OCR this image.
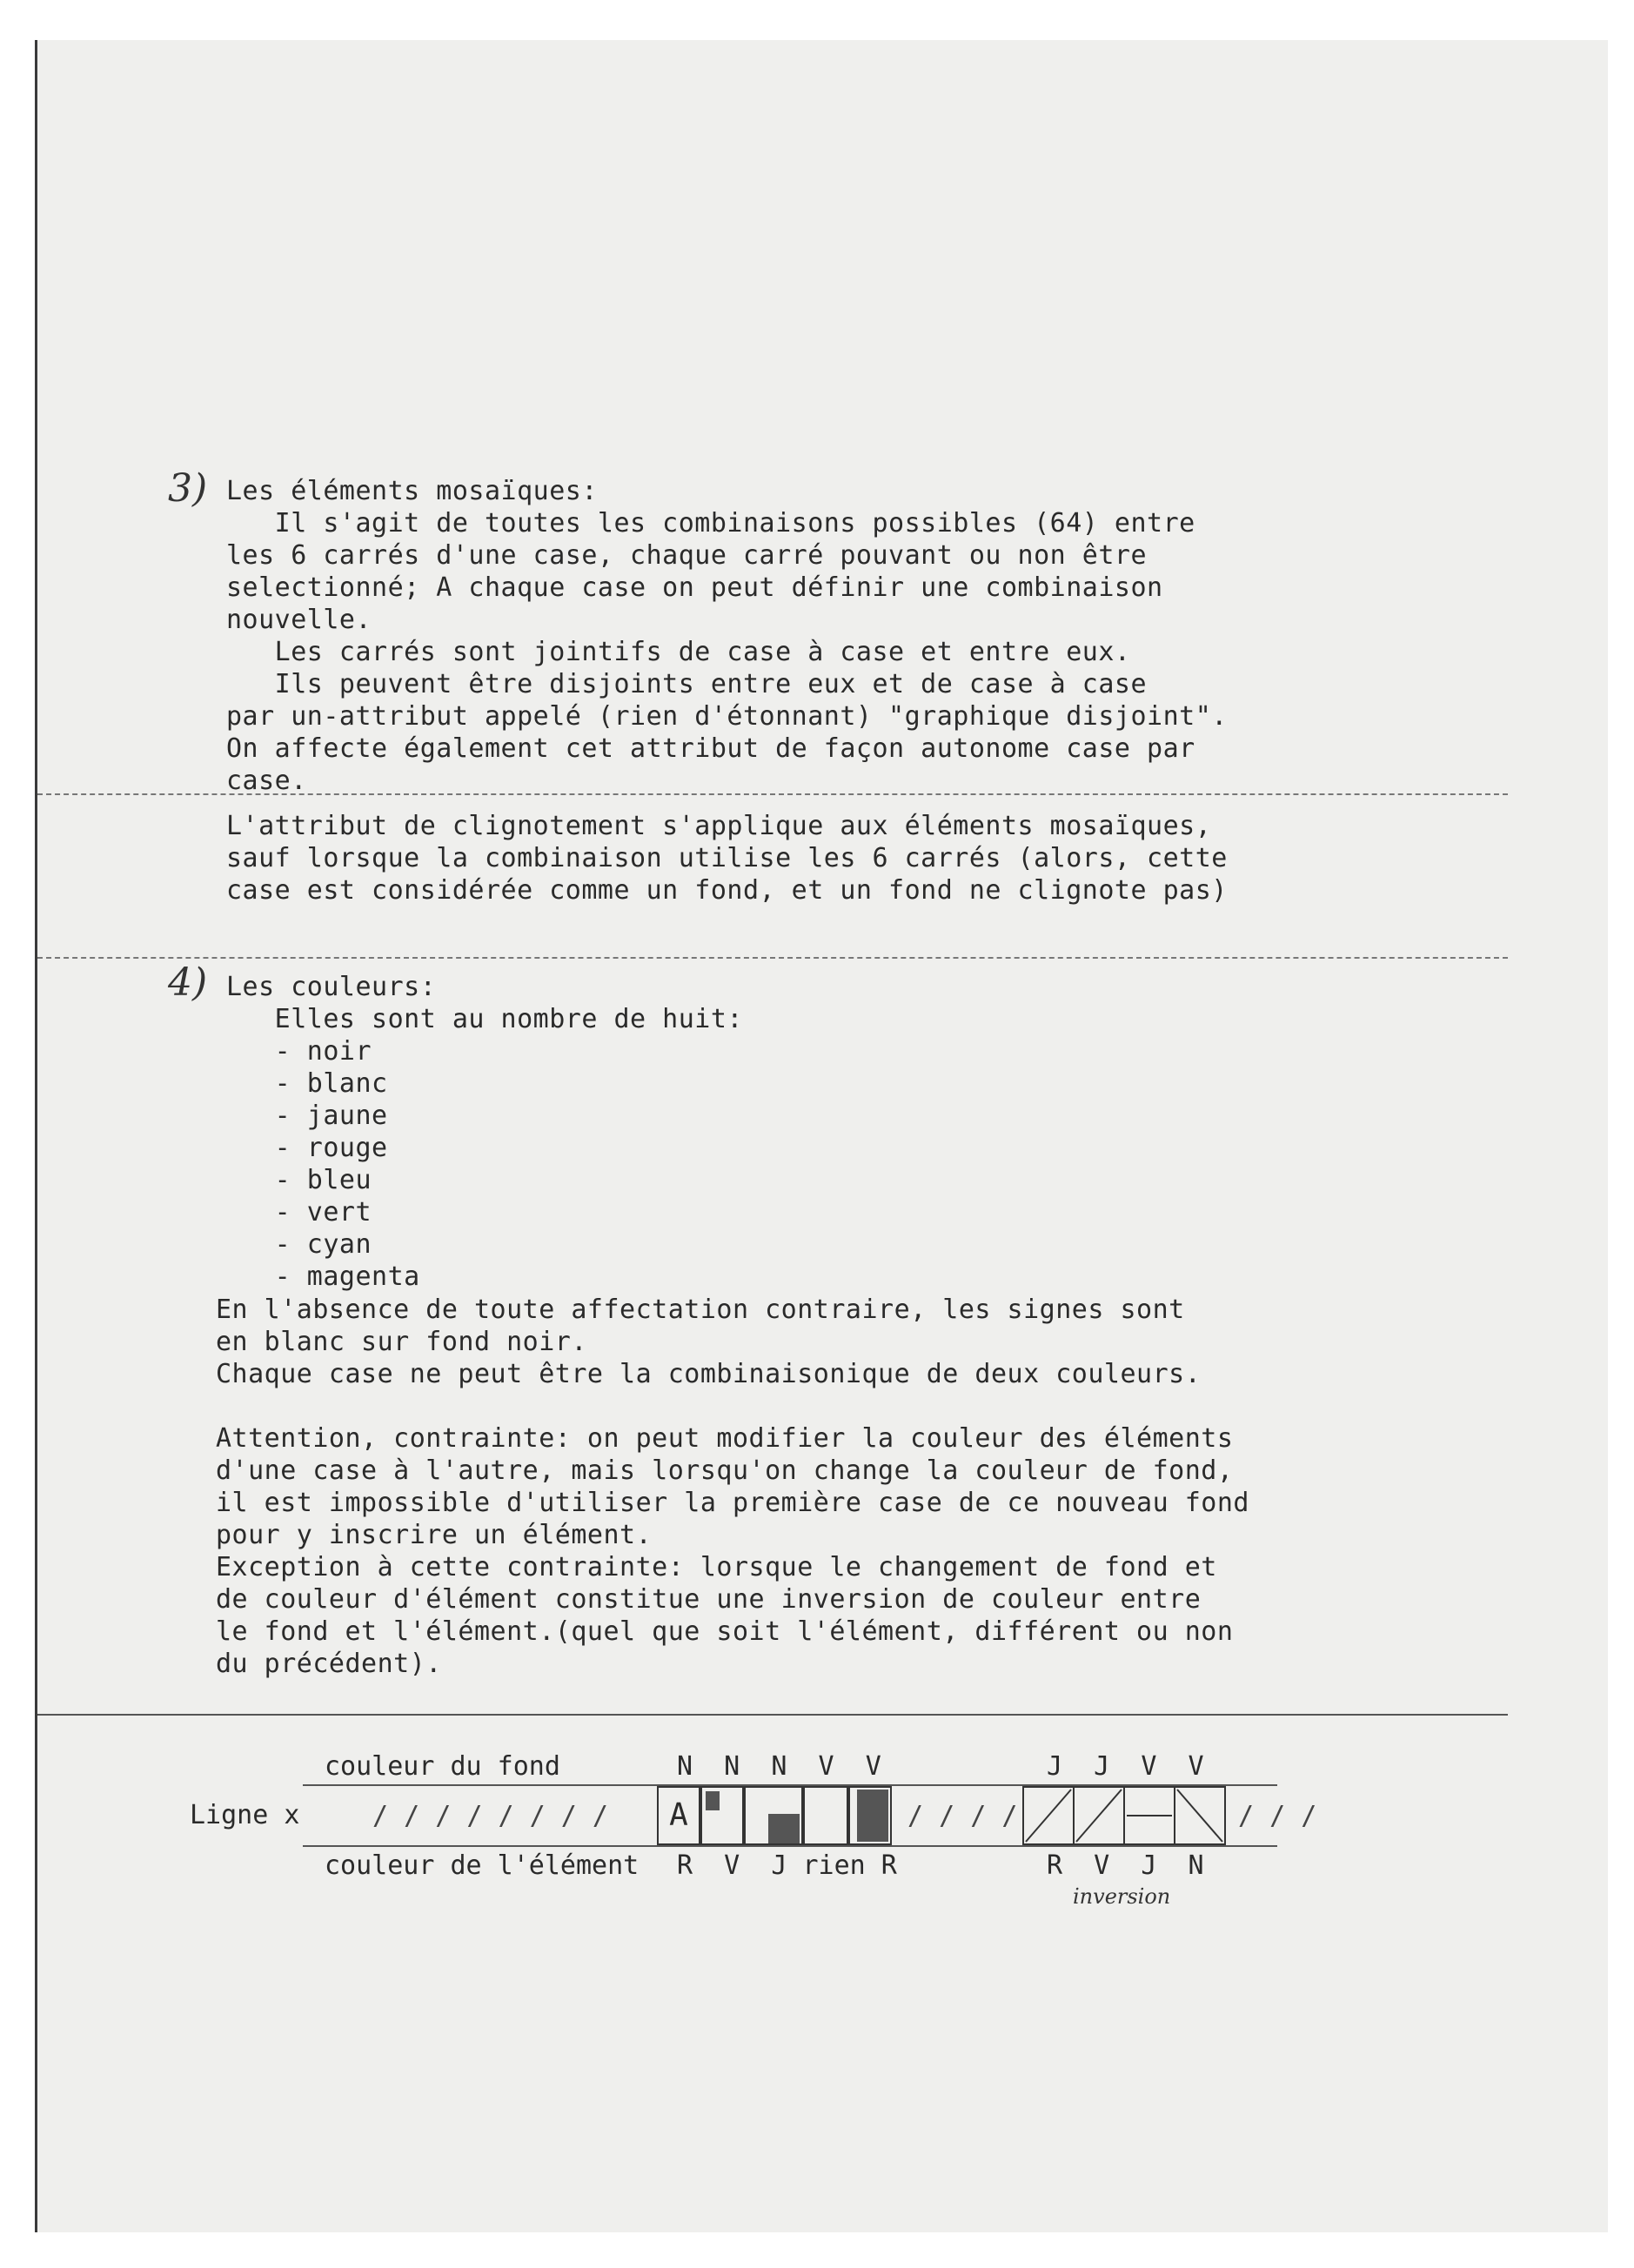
3) Les éléments mosaïques:
Il s'agit de toutes les combinaisons possibles (64) entre
les 6 carrés d'une case, chaque carré pouvant ou non être
selectionné; A chaque case on peut définir une combinaison
nouvelle.
Les carrés sont jointifs de case à case et entre eux.
Ils peuvent être disjoints entre eux et de case à case
par un-attribut appelé (rien d'étonnant) "graphique disjoint".
On affecte également cet attribut de façon autonome case par
case.
L'attribut de clignotement s'applique aux éléments mosaïques,
sauf lorsque la combinaison utilise les 6 carrés (alors, cette
case est considérée comme un fond, et un fond ne clignote pas)
4) Les couleurs:
Elles sont au nombre de huit:
- noir
- blanc
- jaune
- rouge
- bleu
- vert
- cyan
- magenta
En l'absence de toute affectation contraire, les signes sont
en blanc sur fond noir.
Chaque case ne peut être la combinaisonique de deux couleurs.
Attention, contrainte: on peut modifier la couleur des éléments
d'une case à l'autre, mais lorsqu'on change la couleur de fond,
il est impossible d'utiliser la première case de ce nouveau fond
pour y inscrire un élément.
Exception à cette contrainte: lorsque le changement de fond et
de couleur d'élément constitue une inversion de couleur entre
le fond et l'élément.(quel que soit l'élément, différent ou non
du précédent).
couleur du fond	N  N  N  V  V	J  J  V  V
Ligne x	/ / / / / / / /	A	/ / / /	/ / /
couleur de l'élément R  V  J rien R	R  V  J  N
inversion
